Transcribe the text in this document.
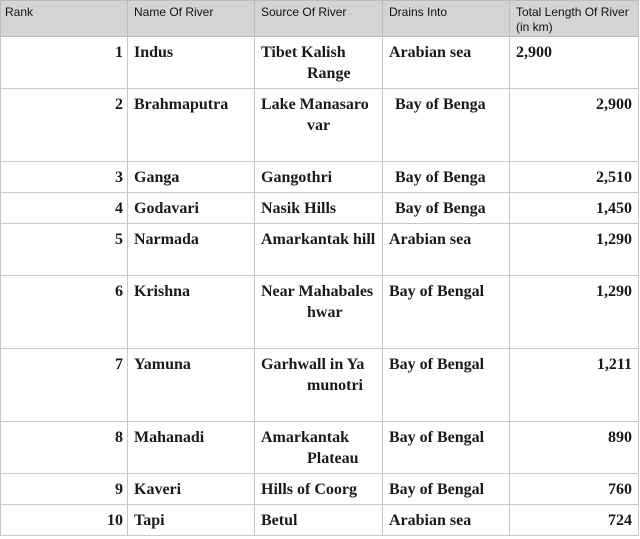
Rank	Name Of River	Source Of River	Drains Into	Total Length Of River (in km)
1	Indus	Tibet Kalish Range	Arabian sea	2,900
2	Brahmaputra	Lake Manasarovar	Bay of Benga	2,900
3	Ganga	Gangothri	Bay of Benga	2,510
4	Godavari	Nasik Hills	Bay of Benga	1,450
5	Narmada	Amarkantak hill	Arabian sea	1,290
6	Krishna	Near Mahabaleshwar	Bay of Bengal	1,290
7	Yamuna	Garhwall in Yamunotri	Bay of Bengal	1,211
8	Mahanadi	Amarkantak Plateau	Bay of Bengal	890
9	Kaveri	Hills of Coorg	Bay of Bengal	760
10	Tapi	Betul	Arabian sea	724
